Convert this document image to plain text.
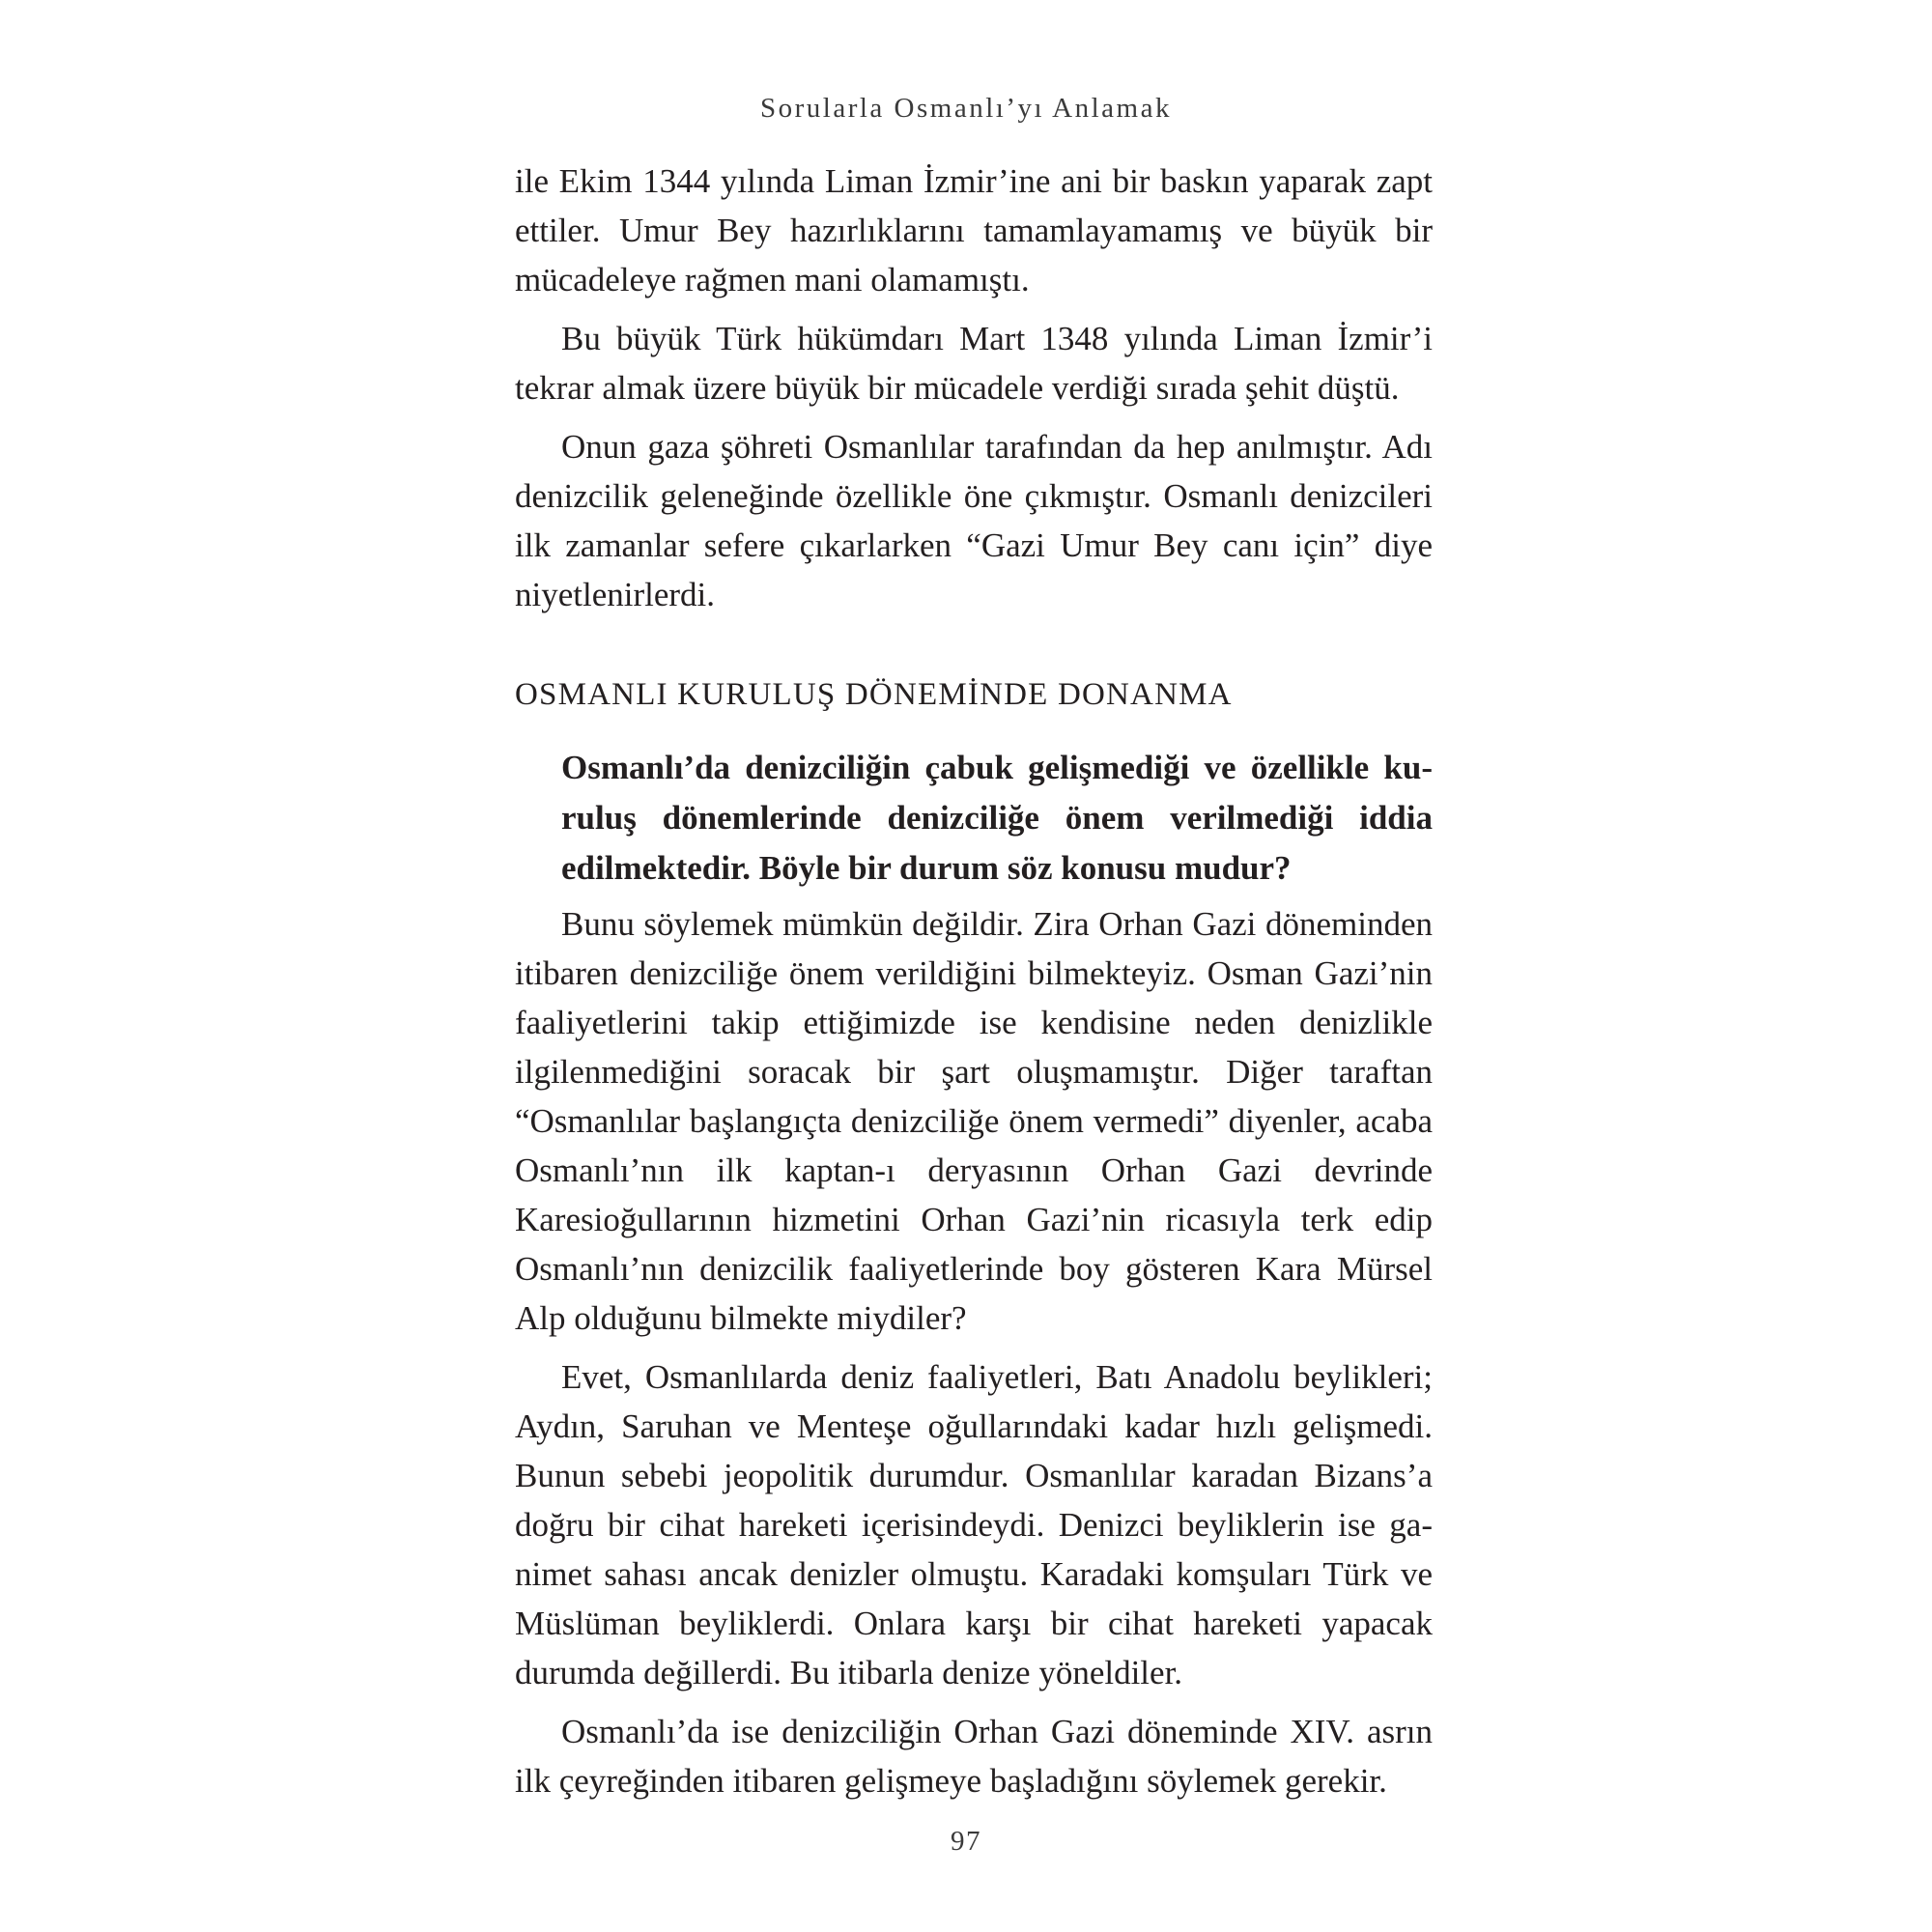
Sorularla Osmanlı’yı Anlamak

ile Ekim 1344 yılında Liman İzmir’ine ani bir baskın yaparak zapt ettiler. Umur Bey hazırlıklarını tamamlayamamış ve büyük bir mücadeleye rağmen mani olamamıştı.

Bu büyük Türk hükümdarı Mart 1348 yılında Liman İzmir’i tekrar almak üzere büyük bir mücadele verdiği sırada şehit düştü.

Onun gaza şöhreti Osmanlılar tarafından da hep anılmıştır. Adı denizcilik geleneğinde özellikle öne çıkmıştır. Osmanlı denizcileri ilk zamanlar sefere çıkarlarken “Gazi Umur Bey canı için” diye niyetlenirlerdi.

OSMANLI KURULUŞ DÖNEMİNDE DONANMA

Osmanlı’da denizciliğin çabuk gelişmediği ve özellikle kuruluş dönemlerinde denizciliğe önem verilmediği iddia edilmektedir. Böyle bir durum söz konusu mudur?

Bunu söylemek mümkün değildir. Zira Orhan Gazi döneminden itibaren denizciliğe önem verildiğini bilmekteyiz. Osman Gazi’nin faaliyetlerini takip ettiğimizde ise kendisine neden denizlikle ilgilenmediğini soracak bir şart oluşmamıştır. Diğer taraftan “Osmanlılar başlangıçta denizciliğe önem vermedi” diyenler, acaba Osmanlı’nın ilk kaptan-ı deryasının Orhan Gazi devrinde Karesioğullarının hizmetini Orhan Gazi’nin ricasıyla terk edip Osmanlı’nın denizcilik faaliyetlerinde boy gösteren Kara Mürsel Alp olduğunu bilmekte miydiler?

Evet, Osmanlılarda deniz faaliyetleri, Batı Anadolu beylikleri; Aydın, Saruhan ve Menteşe oğullarındaki kadar hızlı gelişmedi. Bunun sebebi jeopolitik durumdur. Osmanlılar karadan Bizans’a doğru bir cihat hareketi içerisindeydi. Denizci beyliklerin ise ganimet sahası ancak denizler olmuştu. Karadaki komşuları Türk ve Müslüman beyliklerdi. Onlara karşı bir cihat hareketi yapacak durumda değillerdi. Bu itibarla denize yöneldiler.

Osmanlı’da ise denizciliğin Orhan Gazi döneminde XIV. asrın ilk çeyreğinden itibaren gelişmeye başladığını söylemek gerekir.

97
